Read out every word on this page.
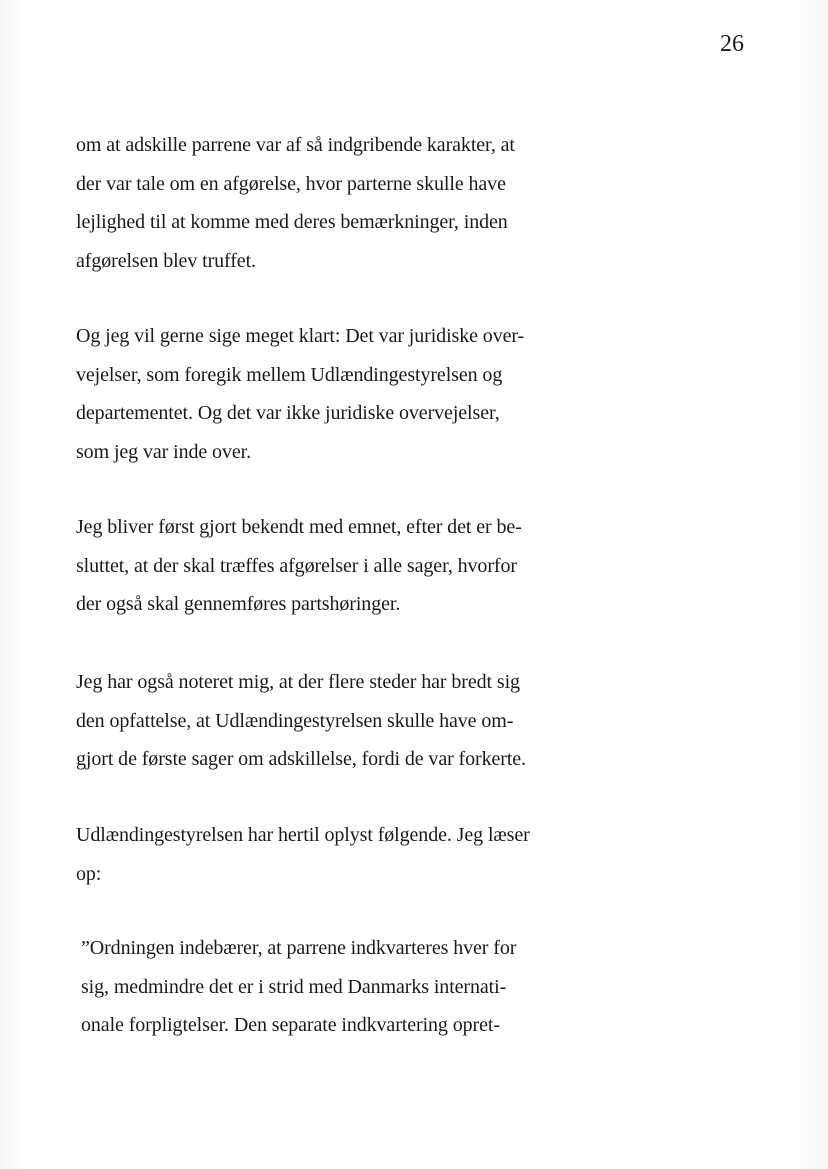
26
om at adskille parrene var af så indgribende karakter, at
der var tale om en afgørelse, hvor parterne skulle have
lejlighed til at komme med deres bemærkninger, inden
afgørelsen blev truffet.
Og jeg vil gerne sige meget klart: Det var juridiske over-
vejelser, som foregik mellem Udlændingestyrelsen og
departementet. Og det var ikke juridiske overvejelser,
som jeg var inde over.
Jeg bliver først gjort bekendt med emnet, efter det er be-
sluttet, at der skal træffes afgørelser i alle sager, hvorfor
der også skal gennemføres partshøringer.
Jeg har også noteret mig, at der flere steder har bredt sig
den opfattelse, at Udlændingestyrelsen skulle have om-
gjort de første sager om adskillelse, fordi de var forkerte.
Udlændingestyrelsen har hertil oplyst følgende. Jeg læser
op:
”Ordningen indebærer, at parrene indkvarteres hver for
sig, medmindre det er i strid med Danmarks internati-
onale forpligtelser. Den separate indkvartering opret-
